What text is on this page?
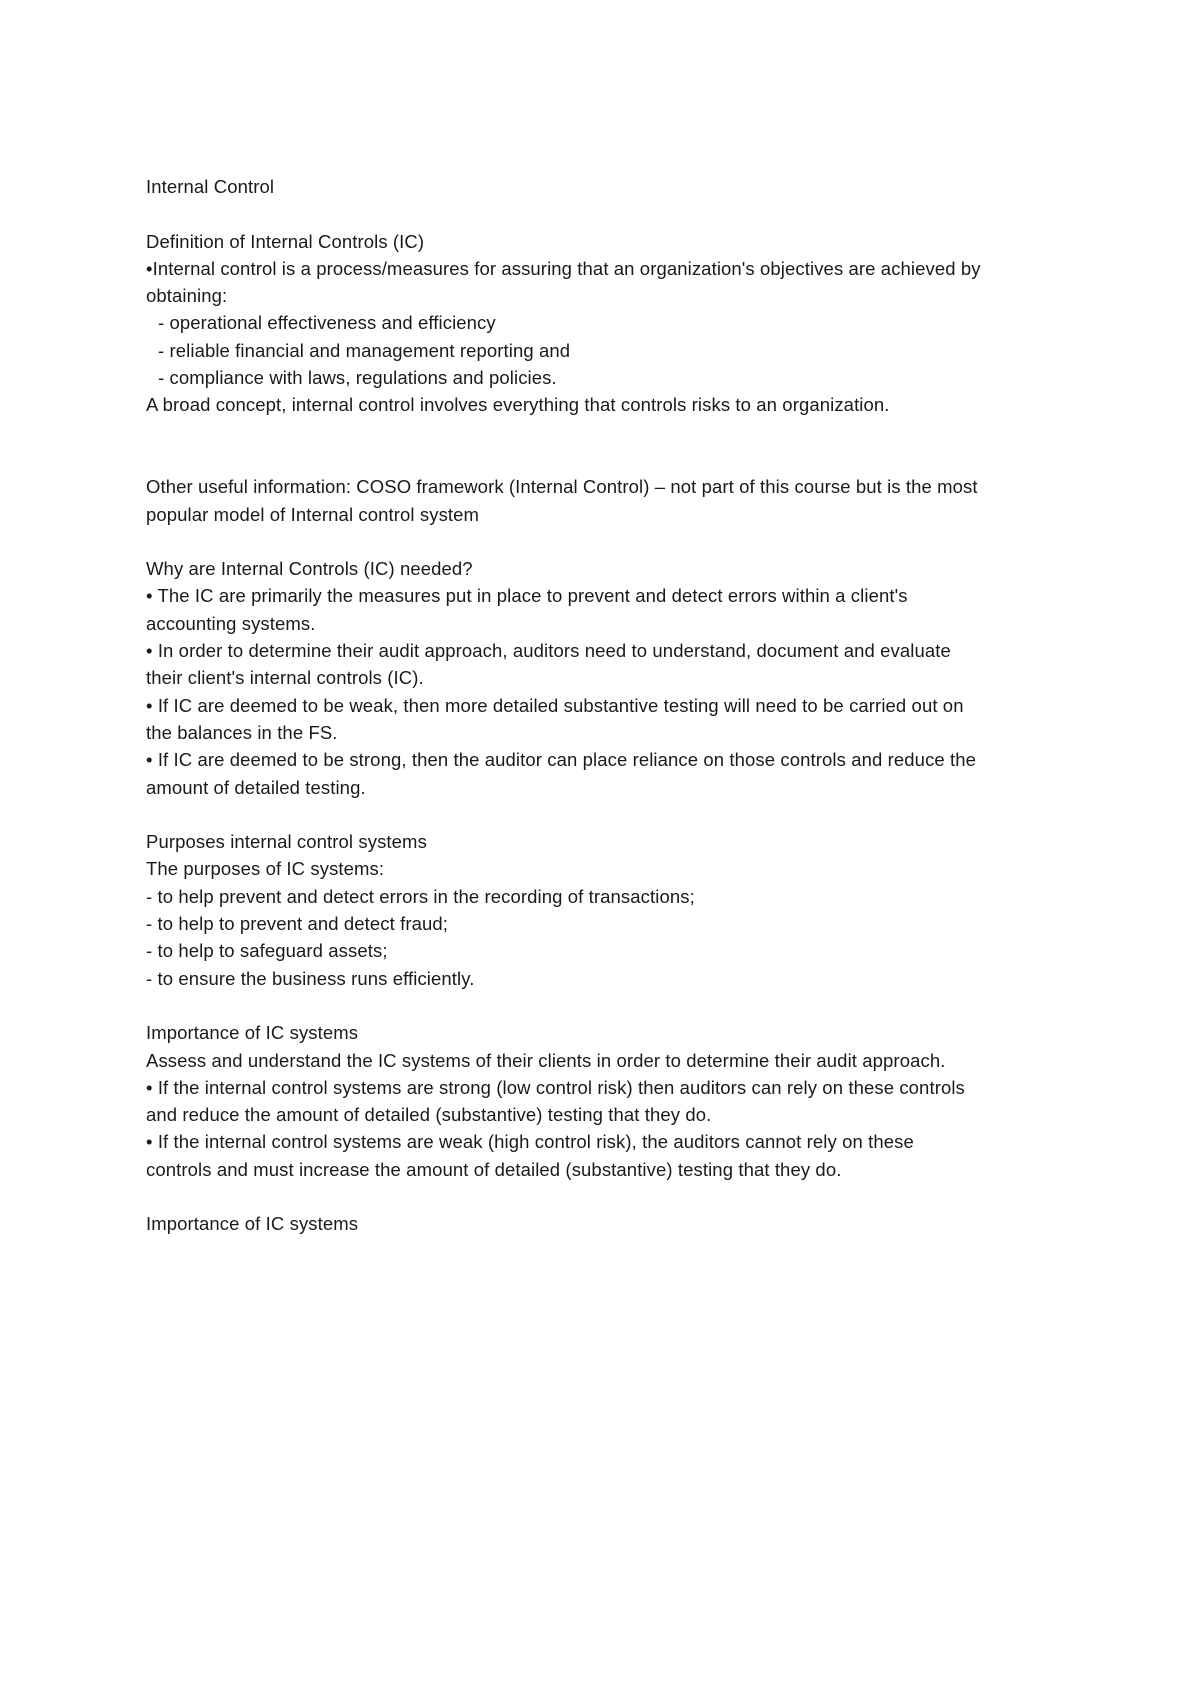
Internal Control
Definition of Internal Controls (IC)
•Internal control is a process/measures for assuring that an organization's objectives are achieved by
obtaining:
- operational effectiveness and efficiency
- reliable financial and management reporting and
- compliance with laws, regulations and policies.
A broad concept, internal control involves everything that controls risks to an organization.
Other useful information: COSO framework (Internal Control) – not part of this course but is the most
popular model of Internal control system
Why are Internal Controls (IC) needed?
• The IC are primarily the measures put in place to prevent and detect errors within a client's
accounting systems.
• In order to determine their audit approach, auditors need to understand, document and evaluate
their client's internal controls (IC).
• If IC are deemed to be weak, then more detailed substantive testing will need to be carried out on
the balances in the FS.
• If IC are deemed to be strong, then the auditor can place reliance on those controls and reduce the
amount of detailed testing.
Purposes internal control systems
The purposes of IC systems:
- to help prevent and detect errors in the recording of transactions;
- to help to prevent and detect fraud;
- to help to safeguard assets;
- to ensure the business runs efficiently.
Importance of IC systems
Assess and understand the IC systems of their clients in order to determine their audit approach.
• If the internal control systems are strong (low control risk) then auditors can rely on these controls
and reduce the amount of detailed (substantive) testing that they do.
• If the internal control systems are weak (high control risk), the auditors cannot rely on these
controls and must increase the amount of detailed (substantive) testing that they do.
Importance of IC systems
